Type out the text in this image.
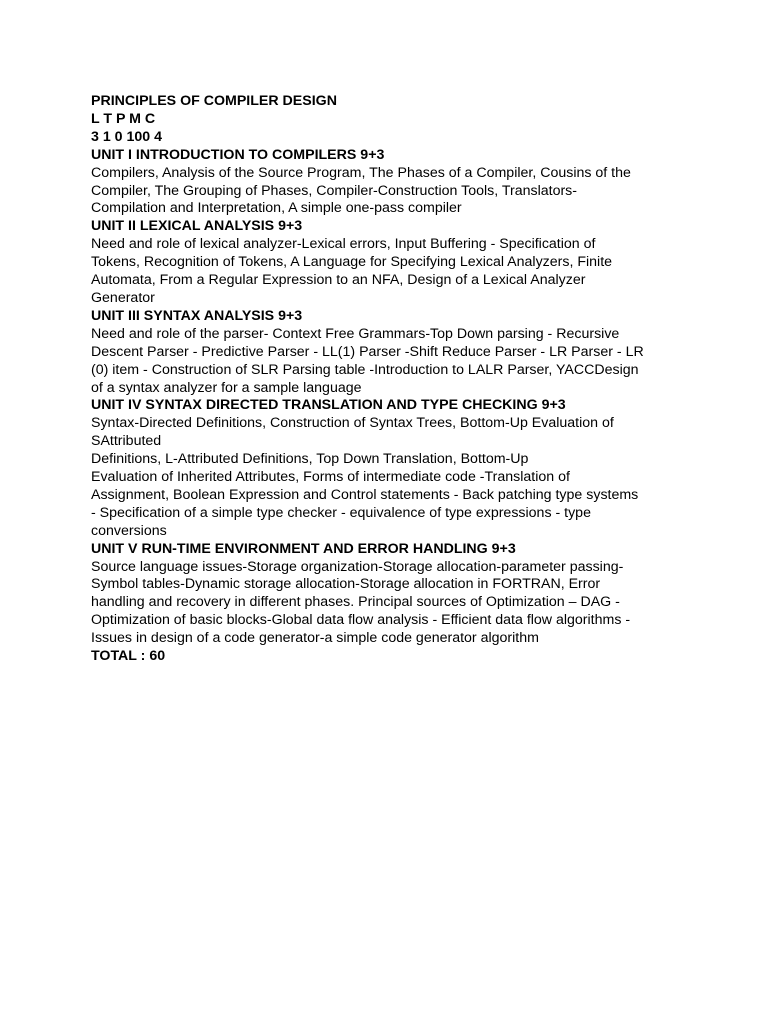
PRINCIPLES OF COMPILER DESIGN
L T P M C
3 1 0 100 4
UNIT I INTRODUCTION TO COMPILERS 9+3
Compilers, Analysis of the Source Program, The Phases of a Compiler, Cousins of the
Compiler, The Grouping of Phases, Compiler-Construction Tools, Translators-
Compilation and Interpretation, A simple one-pass compiler
UNIT II LEXICAL ANALYSIS 9+3
Need and role of lexical analyzer-Lexical errors, Input Buffering - Specification of
Tokens, Recognition of Tokens, A Language for Specifying Lexical Analyzers, Finite
Automata, From a Regular Expression to an NFA, Design of a Lexical Analyzer
Generator
UNIT III SYNTAX ANALYSIS 9+3
Need and role of the parser- Context Free Grammars-Top Down parsing - Recursive
Descent Parser - Predictive Parser - LL(1) Parser -Shift Reduce Parser - LR Parser - LR
(0) item - Construction of SLR Parsing table -Introduction to LALR Parser, YACCDesign
of a syntax analyzer for a sample language
UNIT IV SYNTAX DIRECTED TRANSLATION AND TYPE CHECKING 9+3
Syntax-Directed Definitions, Construction of Syntax Trees, Bottom-Up Evaluation of
SAttributed
Definitions, L-Attributed Definitions, Top Down Translation, Bottom-Up
Evaluation of Inherited Attributes, Forms of intermediate code -Translation of
Assignment, Boolean Expression and Control statements - Back patching type systems
- Specification of a simple type checker - equivalence of type expressions - type
conversions
UNIT V RUN-TIME ENVIRONMENT AND ERROR HANDLING 9+3
Source language issues-Storage organization-Storage allocation-parameter passing-
Symbol tables-Dynamic storage allocation-Storage allocation in FORTRAN, Error
handling and recovery in different phases. Principal sources of Optimization – DAG -
Optimization of basic blocks-Global data flow analysis - Efficient data flow algorithms -
Issues in design of a code generator-a simple code generator algorithm
TOTAL : 60
